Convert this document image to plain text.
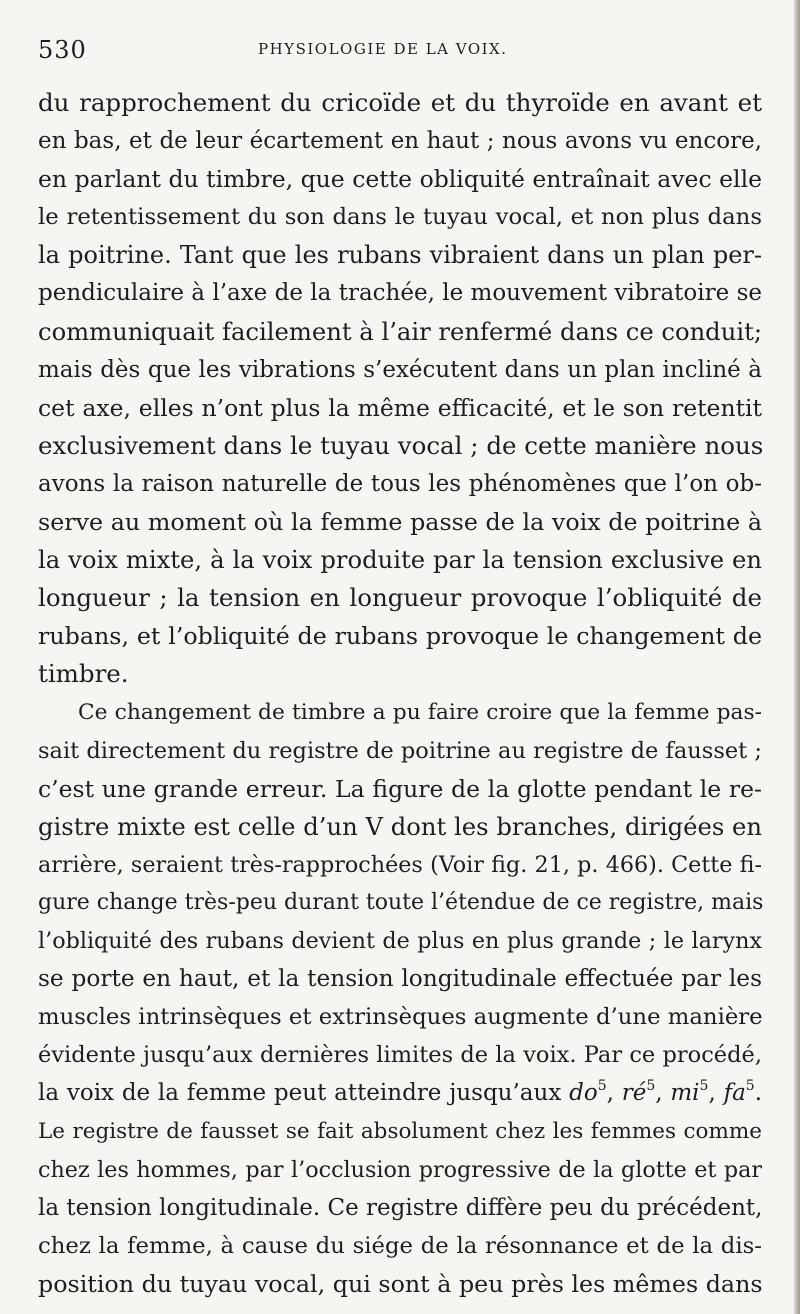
530	PHYSIOLOGIE DE LA VOIX.
du rapprochement du cricoïde et du thyroïde en avant et
en bas, et de leur écartement en haut ; nous avons vu encore,
en parlant du timbre, que cette obliquité entraînait avec elle
le retentissement du son dans le tuyau vocal, et non plus dans
la poitrine. Tant que les rubans vibraient dans un plan per-
pendiculaire à l’axe de la trachée, le mouvement vibratoire se
communiquait facilement à l’air renfermé dans ce conduit;
mais dès que les vibrations s’exécutent dans un plan incliné à
cet axe, elles n’ont plus la même efficacité, et le son retentit
exclusivement dans le tuyau vocal ; de cette manière nous
avons la raison naturelle de tous les phénomènes que l’on ob-
serve au moment où la femme passe de la voix de poitrine à
la voix mixte, à la voix produite par la tension exclusive en
longueur ; la tension en longueur provoque l’obliquité de
rubans, et l’obliquité de rubans provoque le changement de
timbre.
Ce changement de timbre a pu faire croire que la femme pas-
sait directement du registre de poitrine au registre de fausset ;
c’est une grande erreur. La figure de la glotte pendant le re-
gistre mixte est celle d’un V dont les branches, dirigées en
arrière, seraient très-rapprochées (Voir fig. 21, p. 466). Cette fi-
gure change très-peu durant toute l’étendue de ce registre, mais
l’obliquité des rubans devient de plus en plus grande ; le larynx
se porte en haut, et la tension longitudinale effectuée par les
muscles intrinsèques et extrinsèques augmente d’une manière
évidente jusqu’aux dernières limites de la voix. Par ce procédé,
la voix de la femme peut atteindre jusqu’aux $do^5$, $ré^5$, $mi^5$, $fa^5$.
Le registre de fausset se fait absolument chez les femmes comme
chez les hommes, par l’occlusion progressive de la glotte et par
la tension longitudinale. Ce registre diffère peu du précédent,
chez la femme, à cause du siége de la résonnance et de la dis-
position du tuyau vocal, qui sont à peu près les mêmes dans
